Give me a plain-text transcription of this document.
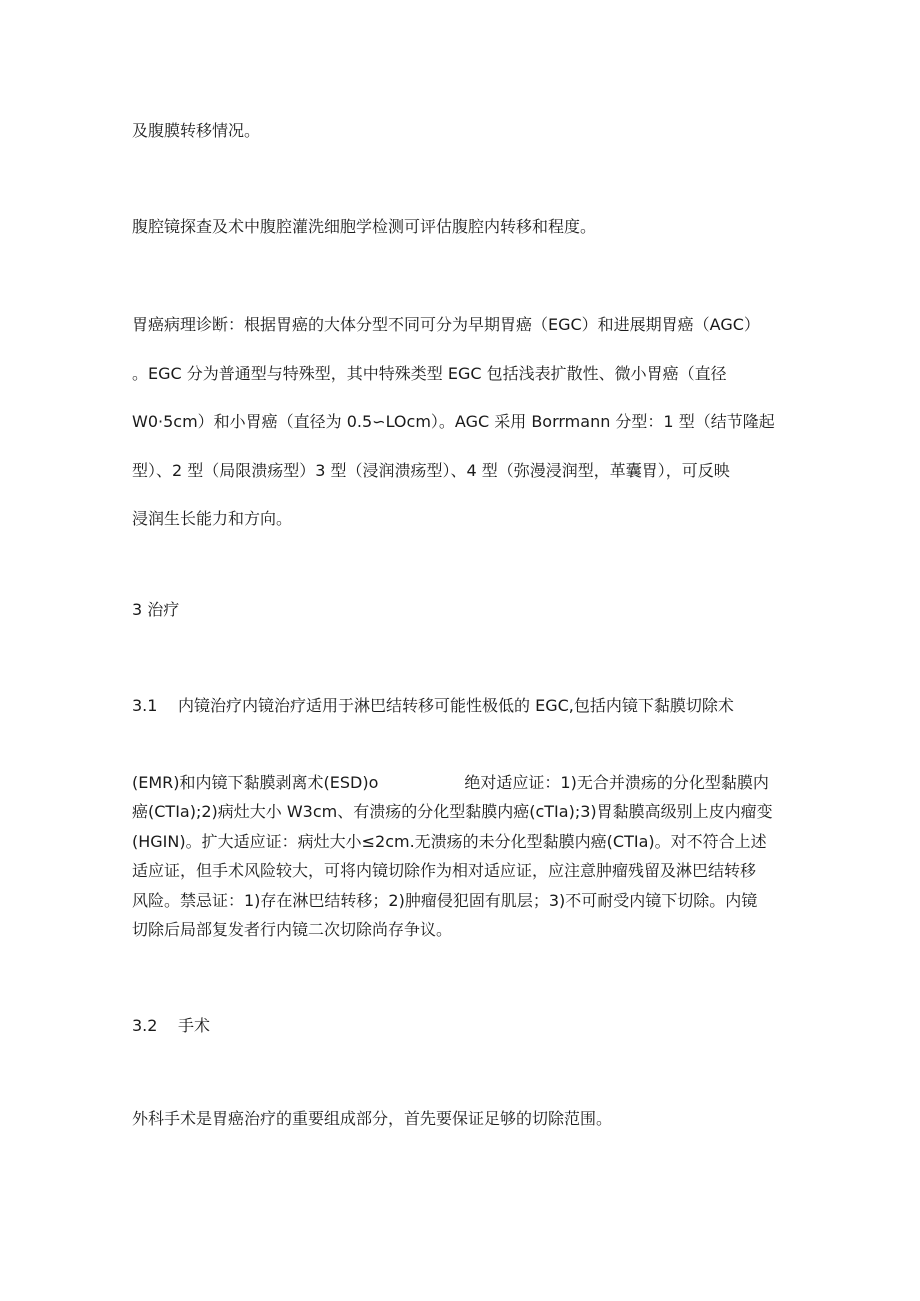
及腹膜转移情况。

腹腔镜探查及术中腹腔灌洗细胞学检测可评估腹腔内转移和程度。

胃癌病理诊断：根据胃癌的大体分型不同可分为早期胃癌（EGC）和进展期胃癌（AGC）
。EGC 分为普通型与特殊型，其中特殊类型 EGC 包括浅表扩散性、微小胃癌（直径
W0·5cm）和小胃癌（直径为 0.5∽LOcm）。AGC 采用 Borrmann 分型：1 型（结节隆起
型）、2 型（局限溃疡型）3 型（浸润溃疡型）、4 型（弥漫浸润型，革囊胃），可反映
浸润生长能力和方向。

3 治疗

3.1 内镜治疗内镜治疗适用于淋巴结转移可能性极低的 EGC,包括内镜下黏膜切除术

(EMR)和内镜下黏膜剥离术(ESD)o	绝对适应证：1)无合并溃疡的分化型黏膜内
癌(CTIa);2)病灶大小 W3cm、有溃疡的分化型黏膜内癌(cTIa);3)胃黏膜高级别上皮内瘤变
(HGIN)。扩大适应证：病灶大小≤2cm.无溃疡的未分化型黏膜内癌(CTIa)。对不符合上述
适应证，但手术风险较大，可将内镜切除作为相对适应证，应注意肿瘤残留及淋巴结转移
风险。禁忌证：1)存在淋巴结转移；2)肿瘤侵犯固有肌层；3)不可耐受内镜下切除。内镜
切除后局部复发者行内镜二次切除尚存争议。

3.2 手术

外科手术是胃癌治疗的重要组成部分，首先要保证足够的切除范围。
